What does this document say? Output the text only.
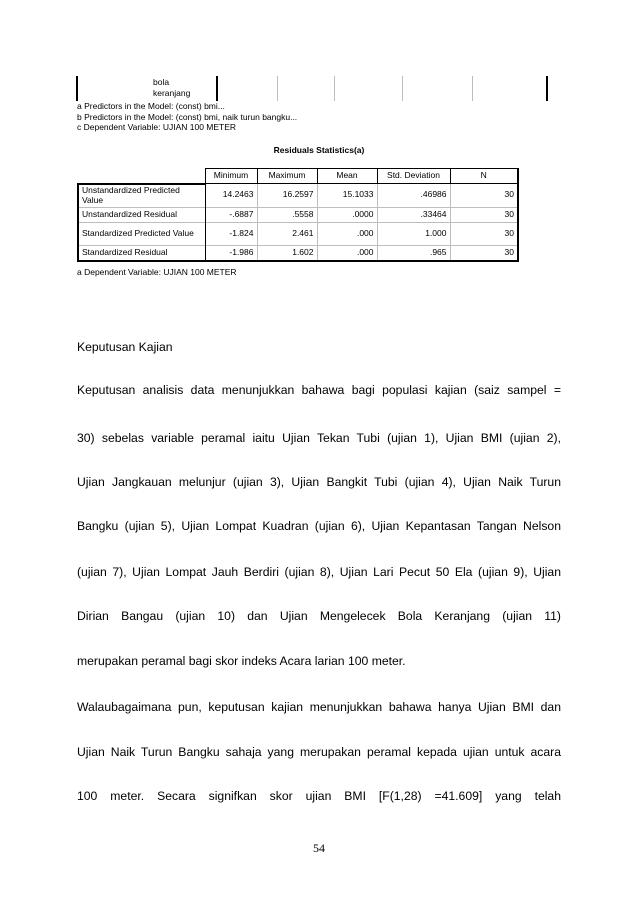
bola
keranjang
a Predictors in the Model: (const) bmi...
b Predictors in the Model: (const) bmi, naik turun bangku...
c Dependent Variable: UJIAN 100 METER
Residuals Statistics(a)
	Minimum	Maximum	Mean	Std. Deviation	N
Unstandardized Predicted Value	14.2463	16.2597	15.1033	.46986	30
Unstandardized Residual	-.6887	.5558	.0000	.33464	30
Standardized Predicted Value	-1.824	2.461	.000	1.000	30
Standardized Residual	-1.986	1.602	.000	.965	30
a Dependent Variable: UJIAN 100 METER
Keputusan Kajian
Keputusan analisis data menunjukkan bahawa bagi populasi kajian (saiz sampel =
30) sebelas variable peramal iaitu Ujian Tekan Tubi (ujian 1), Ujian BMI (ujian 2),
Ujian Jangkauan melunjur (ujian 3), Ujian Bangkit Tubi (ujian 4), Ujian Naik Turun
Bangku (ujian 5), Ujian Lompat Kuadran (ujian 6), Ujian Kepantasan Tangan Nelson
(ujian 7), Ujian Lompat Jauh Berdiri (ujian 8), Ujian Lari Pecut 50 Ela (ujian 9), Ujian
Dirian Bangau (ujian 10) dan Ujian Mengelecek Bola Keranjang (ujian 11)
merupakan peramal bagi skor indeks Acara larian 100 meter.
Walaubagaimana pun, keputusan kajian menunjukkan bahawa hanya Ujian BMI dan
Ujian Naik Turun Bangku sahaja yang merupakan peramal kepada ujian untuk acara
100 meter. Secara signifkan skor ujian BMI [F(1,28) =41.609] yang telah
54
